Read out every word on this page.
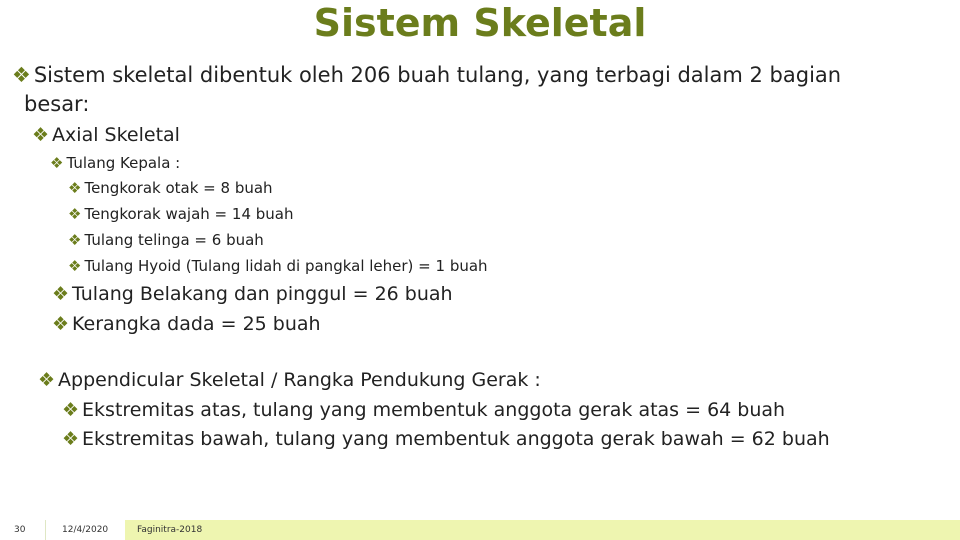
Sistem Skeletal
❖ Sistem skeletal dibentuk oleh 206 buah tulang, yang terbagi dalam 2 bagian
besar:
❖ Axial Skeletal
❖ Tulang Kepala :
❖ Tengkorak otak = 8 buah
❖ Tengkorak wajah = 14 buah
❖ Tulang telinga = 6 buah
❖ Tulang Hyoid (Tulang lidah di pangkal leher) = 1 buah
❖ Tulang Belakang dan pinggul = 26 buah
❖ Kerangka dada = 25 buah
❖ Appendicular Skeletal / Rangka Pendukung Gerak :
❖ Ekstremitas atas, tulang yang membentuk anggota gerak atas = 64 buah
❖ Ekstremitas bawah, tulang yang membentuk anggota gerak bawah = 62 buah
30	12/4/2020	Faginitra-2018
